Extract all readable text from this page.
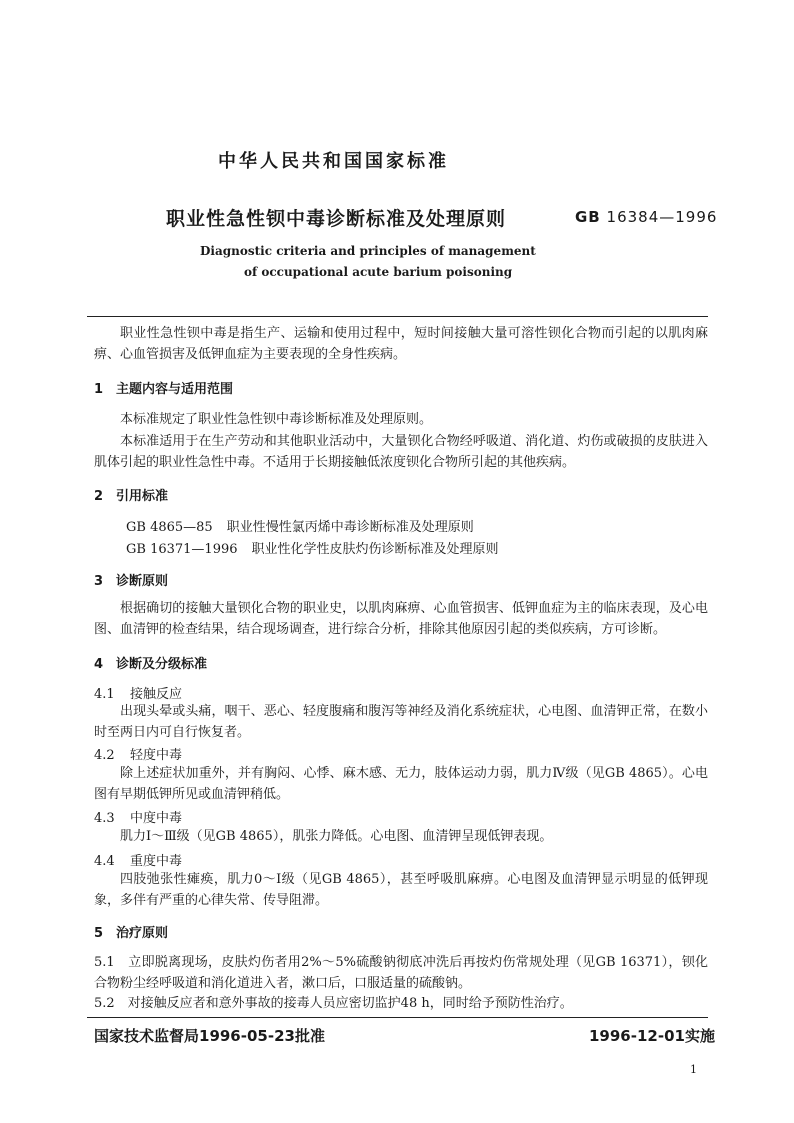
中华人民共和国国家标准

职业性急性钡中毒诊断标准及处理原则	GB 16384—1996

Diagnostic criteria and principles of management

of occupational acute barium poisoning

职业性急性钡中毒是指生产、运输和使用过程中，短时间接触大量可溶性钡化合物而引起的以肌肉麻痹、心血管损害及低钾血症为主要表现的全身性疾病。

1 主题内容与适用范围

本标准规定了职业性急性钡中毒诊断标准及处理原则。

本标准适用于在生产劳动和其他职业活动中，大量钡化合物经呼吸道、消化道、灼伤或破损的皮肤进入肌体引起的职业性急性中毒。不适用于长期接触低浓度钡化合物所引起的其他疾病。

2 引用标准

GB 4865—85 职业性慢性氯丙烯中毒诊断标准及处理原则

GB 16371—1996 职业性化学性皮肤灼伤诊断标准及处理原则

3 诊断原则

根据确切的接触大量钡化合物的职业史，以肌肉麻痹、心血管损害、低钾血症为主的临床表现，及心电图、血清钾的检查结果，结合现场调查，进行综合分析，排除其他原因引起的类似疾病，方可诊断。

4 诊断及分级标准

4.1 接触反应

出现头晕或头痛，咽干、恶心、轻度腹痛和腹泻等神经及消化系统症状，心电图、血清钾正常，在数小时至两日内可自行恢复者。

4.2 轻度中毒

除上述症状加重外，并有胸闷、心悸、麻木感、无力，肢体运动力弱，肌力Ⅳ级（见GB 4865）。心电图有早期低钾所见或血清钾稍低。

4.3 中度中毒

肌力Ⅰ～Ⅲ级（见GB 4865），肌张力降低。心电图、血清钾呈现低钾表现。

4.4 重度中毒

四肢弛张性瘫痪，肌力0～Ⅰ级（见GB 4865），甚至呼吸肌麻痹。心电图及血清钾显示明显的低钾现象，多伴有严重的心律失常、传导阻滞。

5 治疗原则

5.1　立即脱离现场，皮肤灼伤者用2%～5%硫酸钠彻底冲洗后再按灼伤常规处理（见GB 16371），钡化合物粉尘经呼吸道和消化道进入者，漱口后，口服适量的硫酸钠。

5.2　对接触反应者和意外事故的接毒人员应密切监护48 h，同时给予预防性治疗。

国家技术监督局1996-05-23批准	1996-12-01实施

1
